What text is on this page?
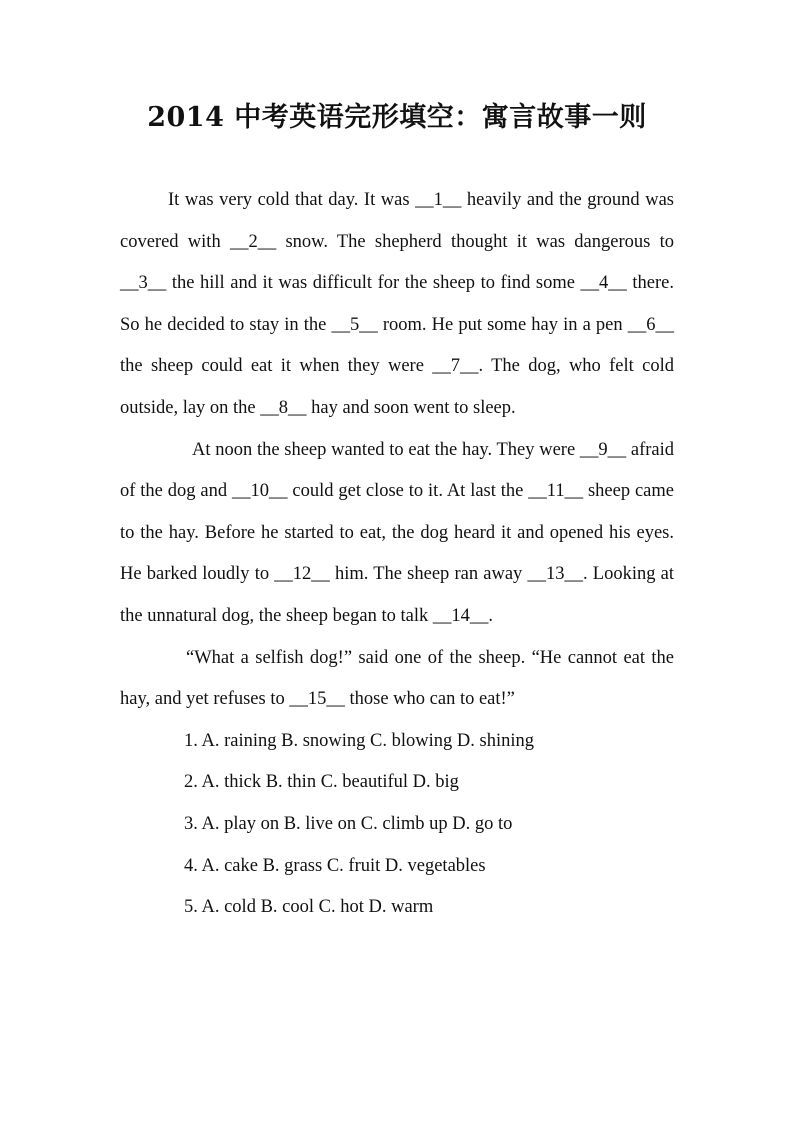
2014 中考英语完形填空：寓言故事一则

It was very cold that day. It was __1__ heavily and the ground was covered with __2__ snow. The shepherd thought it was dangerous to __3__ the hill and it was difficult for the sheep to find some __4__ there. So he decided to stay in the __5__ room. He put some hay in a pen __6__ the sheep could eat it when they were __7__. The dog, who felt cold outside, lay on the __8__ hay and soon went to sleep.

At noon the sheep wanted to eat the hay. They were __9__ afraid of the dog and __10__ could get close to it. At last the __11__ sheep came to the hay. Before he started to eat, the dog heard it and opened his eyes. He barked loudly to __12__ him. The sheep ran away __13__. Looking at the unnatural dog, the sheep began to talk __14__.

“What a selfish dog!” said one of the sheep. “He cannot eat the hay, and yet refuses to __15__ those who can to eat!”

1. A. raining B. snowing C. blowing D. shining
2. A. thick B. thin C. beautiful D. big
3. A. play on B. live on C. climb up D. go to
4. A. cake B. grass C. fruit D. vegetables
5. A. cold B. cool C. hot D. warm
